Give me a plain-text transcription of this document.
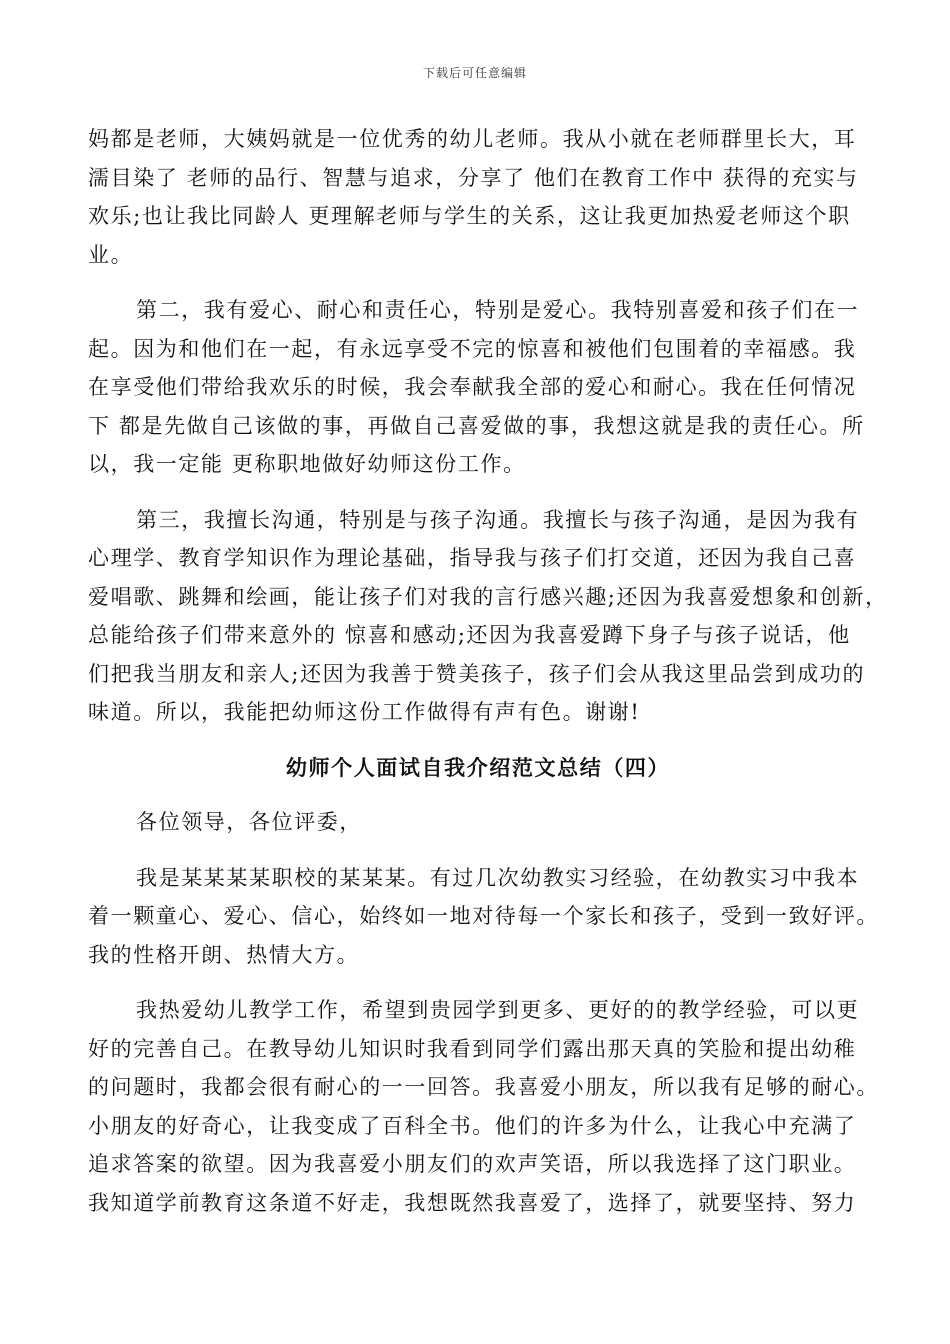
下载后可任意编辑
妈都是老师，大姨妈就是一位优秀的幼儿老师。我从小就在老师群里长大，耳
濡目染了 老师的品行、智慧与追求，分享了 他们在教育工作中 获得的充实与
欢乐;也让我比同龄人 更理解老师与学生的关系，这让我更加热爱老师这个职
业。
第二，我有爱心、耐心和责任心，特别是爱心。我特别喜爱和孩子们在一
起。因为和他们在一起，有永远享受不完的惊喜和被他们包围着的幸福感。我
在享受他们带给我欢乐的时候，我会奉献我全部的爱心和耐心。我在任何情况
下 都是先做自己该做的事，再做自己喜爱做的事，我想这就是我的责任心。所
以，我一定能 更称职地做好幼师这份工作。
第三，我擅长沟通，特别是与孩子沟通。我擅长与孩子沟通，是因为我有
心理学、教育学知识作为理论基础，指导我与孩子们打交道，还因为我自己喜
爱唱歌、跳舞和绘画，能让孩子们对我的言行感兴趣;还因为我喜爱想象和创新，
总能给孩子们带来意外的 惊喜和感动;还因为我喜爱蹲下身子与孩子说话，他
们把我当朋友和亲人;还因为我善于赞美孩子，孩子们会从我这里品尝到成功的
味道。所以，我能把幼师这份工作做得有声有色。谢谢!
幼师个人面试自我介绍范文总结（四）
各位领导，各位评委，
我是某某某某职校的某某某。有过几次幼教实习经验，在幼教实习中我本
着一颗童心、爱心、信心，始终如一地对待每一个家长和孩子，受到一致好评。
我的性格开朗、热情大方。
我热爱幼儿教学工作，希望到贵园学到更多、更好的的教学经验，可以更
好的完善自己。在教导幼儿知识时我看到同学们露出那天真的笑脸和提出幼稚
的问题时，我都会很有耐心的一一回答。我喜爱小朋友，所以我有足够的耐心。
小朋友的好奇心，让我变成了百科全书。他们的许多为什么，让我心中充满了
追求答案的欲望。因为我喜爱小朋友们的欢声笑语，所以我选择了这门职业。
我知道学前教育这条道不好走，我想既然我喜爱了，选择了，就要坚持、努力
